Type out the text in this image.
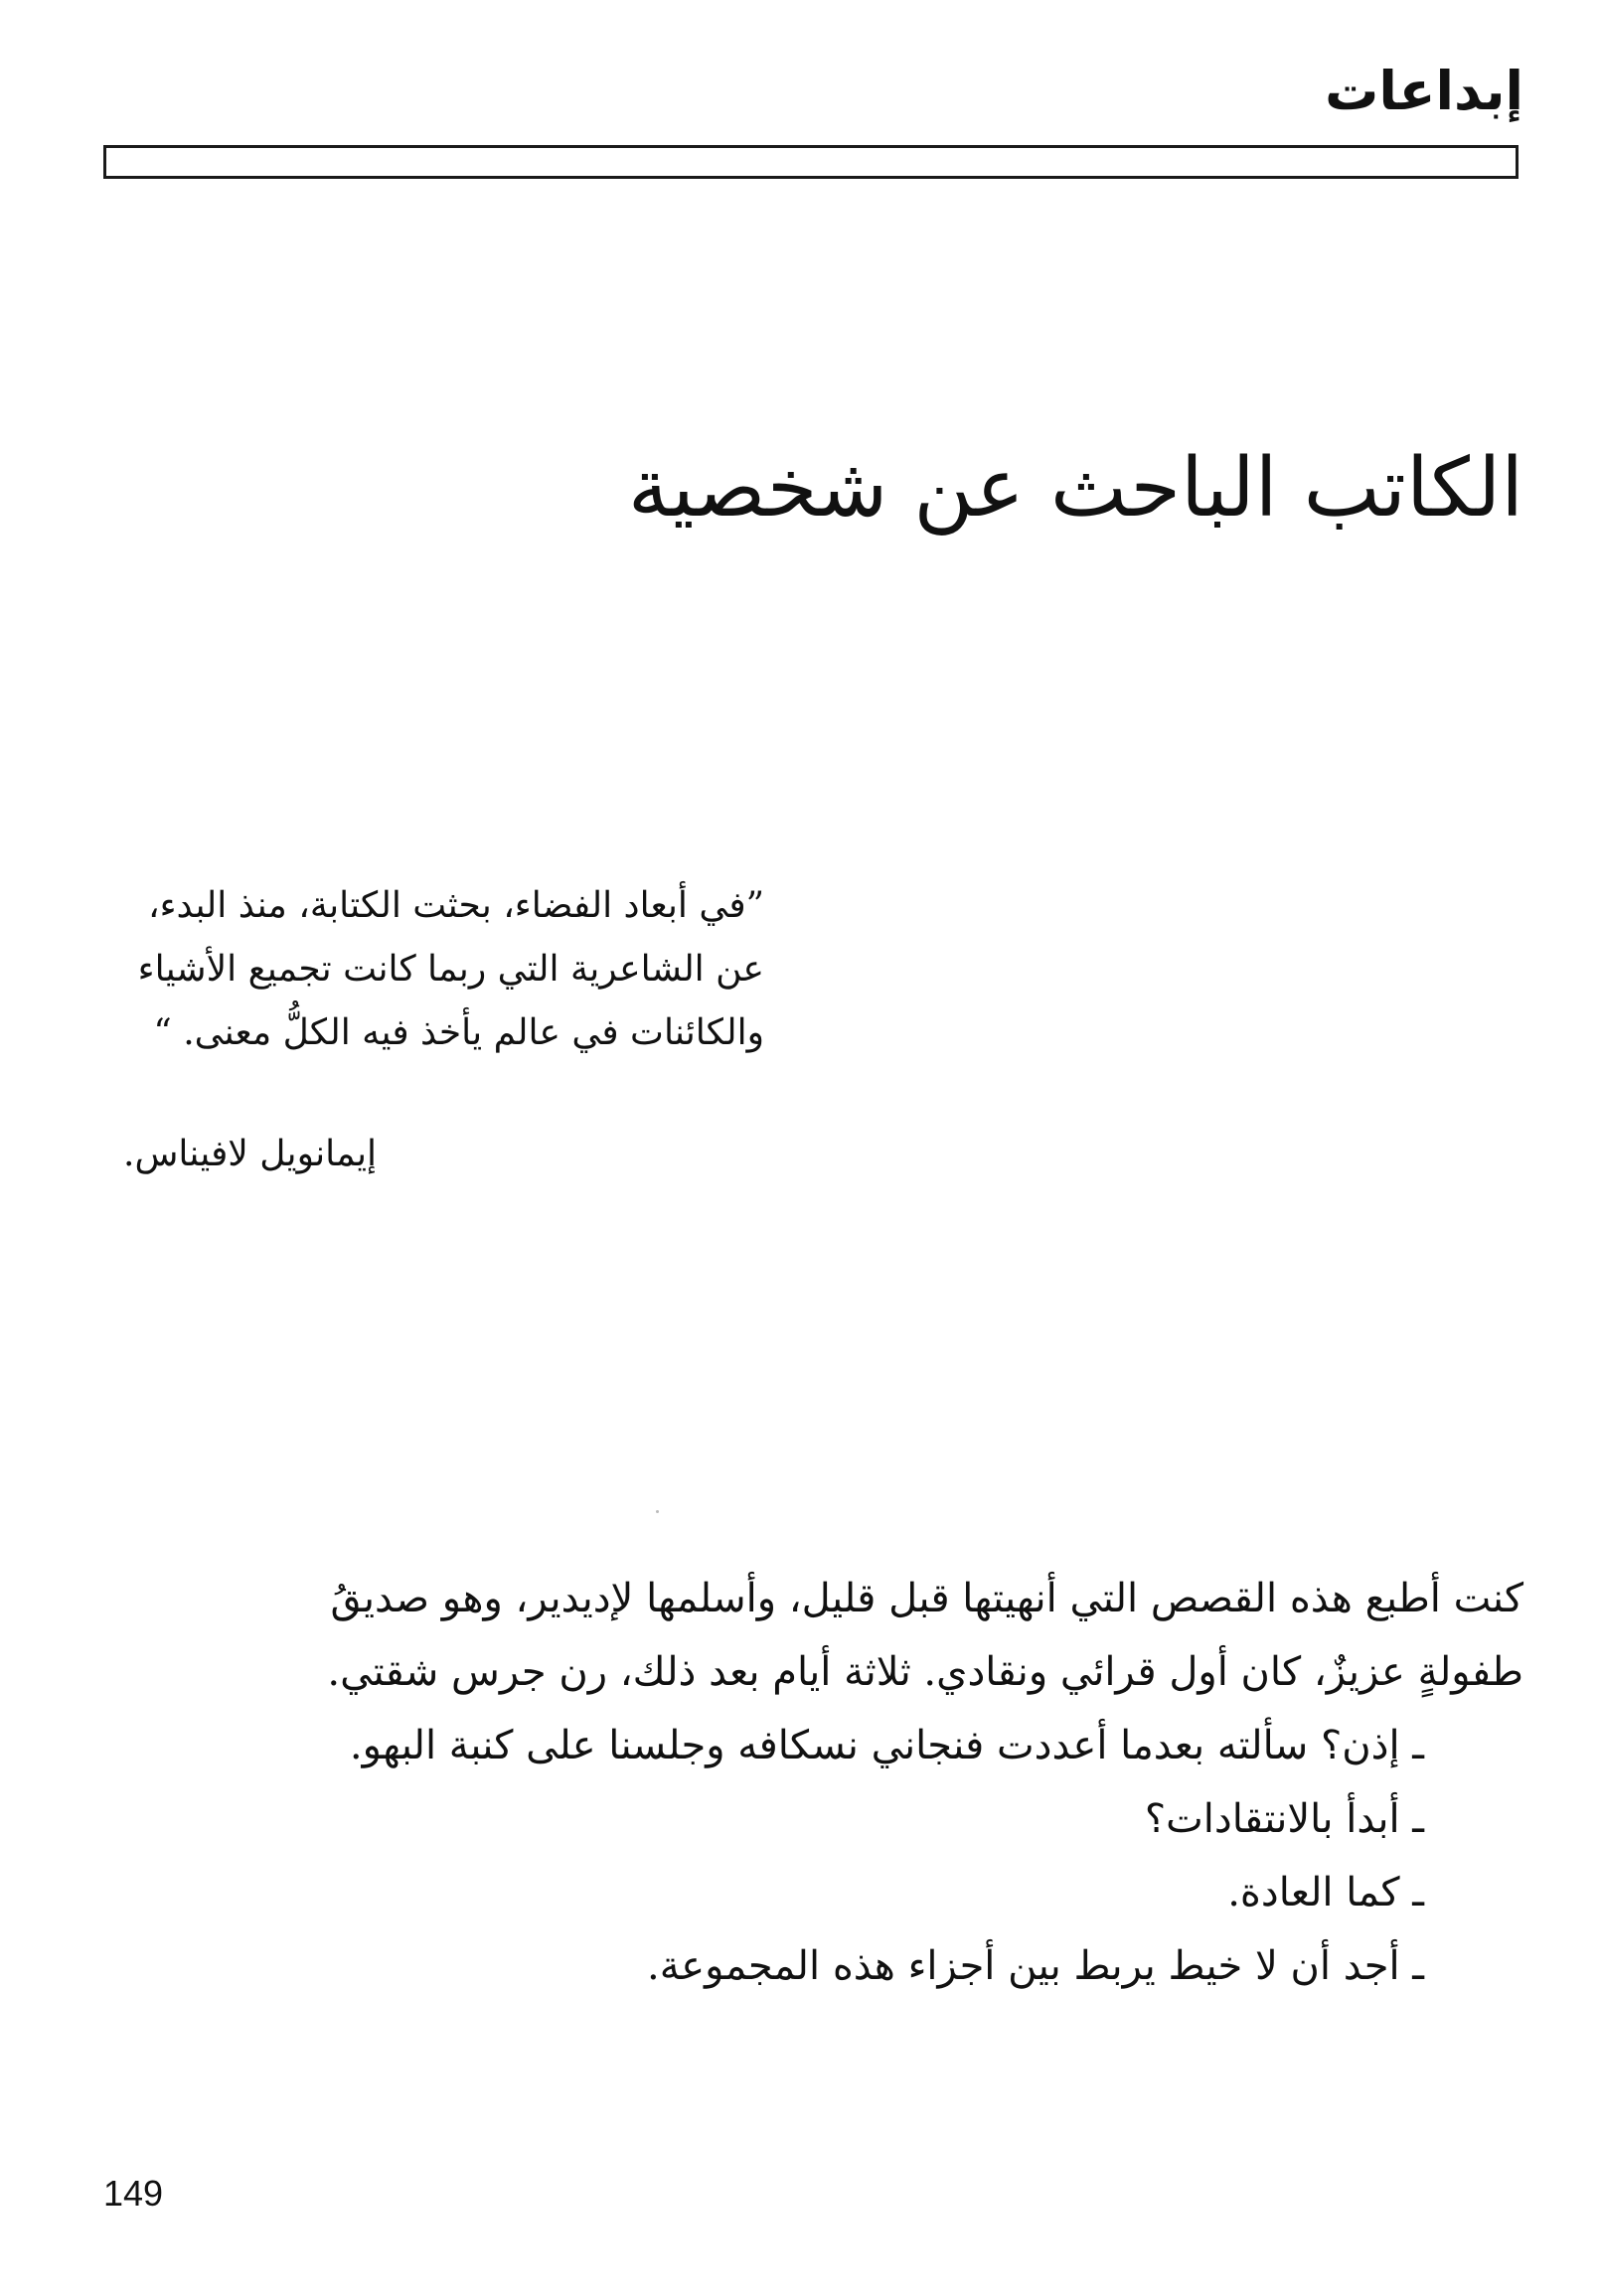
إبداعات
الكاتب الباحث عن شخصية
”في أبعاد الفضاء، بحثت الكتابة، منذ البدء،
عن الشاعرية التي ربما كانت تجميع الأشياء
والكائنات في عالم يأخذ فيه الكلُّ معنى. “
إيمانويل لافيناس.
كنت أطبع هذه القصص التي أنهيتها قبل قليل، وأسلمها لإديدير، وهو صديقُ
طفولةٍ عزيزٌ، كان أول قرائي ونقادي. ثلاثة أيام بعد ذلك، رن جرس شقتي.
ـ إذن؟ سألته بعدما أعددت فنجاني نسكافه وجلسنا على كنبة البهو.
ـ أبدأ بالانتقادات؟
ـ كما العادة.
ـ أجد أن لا خيط يربط بين أجزاء هذه المجموعة.
149
